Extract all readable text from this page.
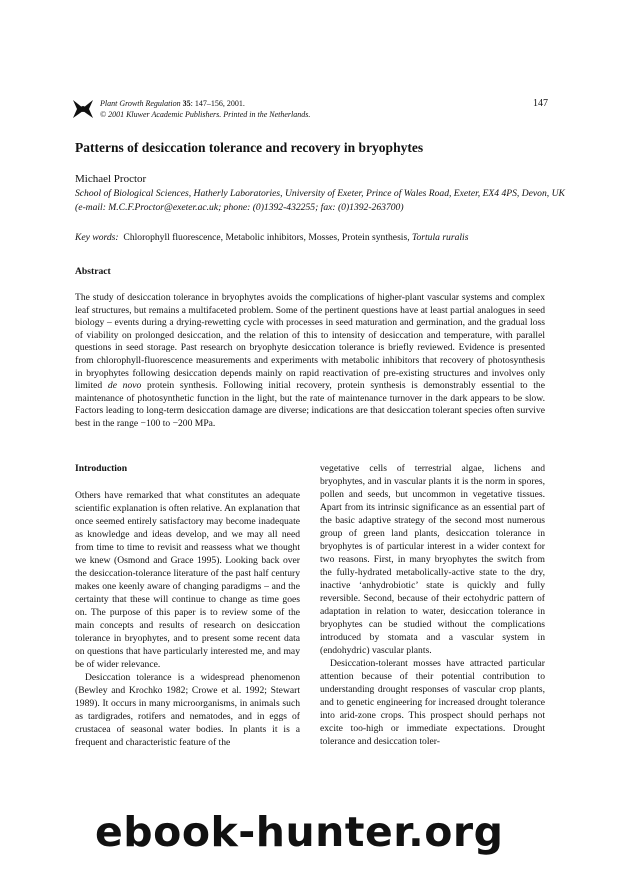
Plant Growth Regulation 35: 147–156, 2001.
© 2001 Kluwer Academic Publishers. Printed in the Netherlands.
147
Patterns of desiccation tolerance and recovery in bryophytes
Michael Proctor
School of Biological Sciences, Hatherly Laboratories, University of Exeter, Prince of Wales Road, Exeter, EX4 4PS, Devon, UK (e-mail: M.C.F.Proctor@exeter.ac.uk; phone: (0)1392-432255; fax: (0)1392-263700)
Key words: Chlorophyll fluorescence, Metabolic inhibitors, Mosses, Protein synthesis, Tortula ruralis
Abstract
The study of desiccation tolerance in bryophytes avoids the complications of higher-plant vascular systems and complex leaf structures, but remains a multifaceted problem. Some of the pertinent questions have at least partial analogues in seed biology – events during a drying-rewetting cycle with processes in seed maturation and germination, and the gradual loss of viability on prolonged desiccation, and the relation of this to intensity of desiccation and temperature, with parallel questions in seed storage. Past research on bryophyte desiccation tolerance is briefly reviewed. Evidence is presented from chlorophyll-fluorescence measurements and experiments with metabolic inhibitors that recovery of photosynthesis in bryophytes following desiccation depends mainly on rapid reactivation of pre-existing structures and involves only limited de novo protein synthesis. Following initial recovery, protein synthesis is demonstrably essential to the maintenance of photosynthetic function in the light, but the rate of maintenance turnover in the dark appears to be slow. Factors leading to long-term desiccation damage are diverse; indications are that desiccation tolerant species often survive best in the range −100 to −200 MPa.
Introduction

Others have remarked that what constitutes an adequate scientific explanation is often relative. An explanation that once seemed entirely satisfactory may become inadequate as knowledge and ideas develop, and we may all need from time to time to revisit and reassess what we thought we knew (Osmond and Grace 1995). Looking back over the desiccation-tolerance literature of the past half century makes one keenly aware of changing paradigms – and the certainty that these will continue to change as time goes on. The purpose of this paper is to review some of the main concepts and results of research on desiccation tolerance in bryophytes, and to present some recent data on questions that have particularly interested me, and may be of wider relevance.

Desiccation tolerance is a widespread phenomenon (Bewley and Krochko 1982; Crowe et al. 1992; Stewart 1989). It occurs in many microorganisms, in animals such as tardigrades, rotifers and nematodes, and in eggs of crustacea of seasonal water bodies. In plants it is a frequent and characteristic feature of the

vegetative cells of terrestrial algae, lichens and bryophytes, and in vascular plants it is the norm in spores, pollen and seeds, but uncommon in vegetative tissues. Apart from its intrinsic significance as an essential part of the basic adaptive strategy of the second most numerous group of green land plants, desiccation tolerance in bryophytes is of particular interest in a wider context for two reasons. First, in many bryophytes the switch from the fully-hydrated metabolically-active state to the dry, inactive ‘anhydrobiotic’ state is quickly and fully reversible. Second, because of their ectohydric pattern of adaptation in relation to water, desiccation tolerance in bryophytes can be studied without the complications introduced by stomata and a vascular system in (endohydric) vascular plants.

Desiccation-tolerant mosses have attracted particular attention because of their potential contribution to understanding drought responses of vascular crop plants, and to genetic engineering for increased drought tolerance into arid-zone crops. This prospect should perhaps not excite too-high or immediate expectations. Drought tolerance and desiccation toler-

ebook-hunter.org
